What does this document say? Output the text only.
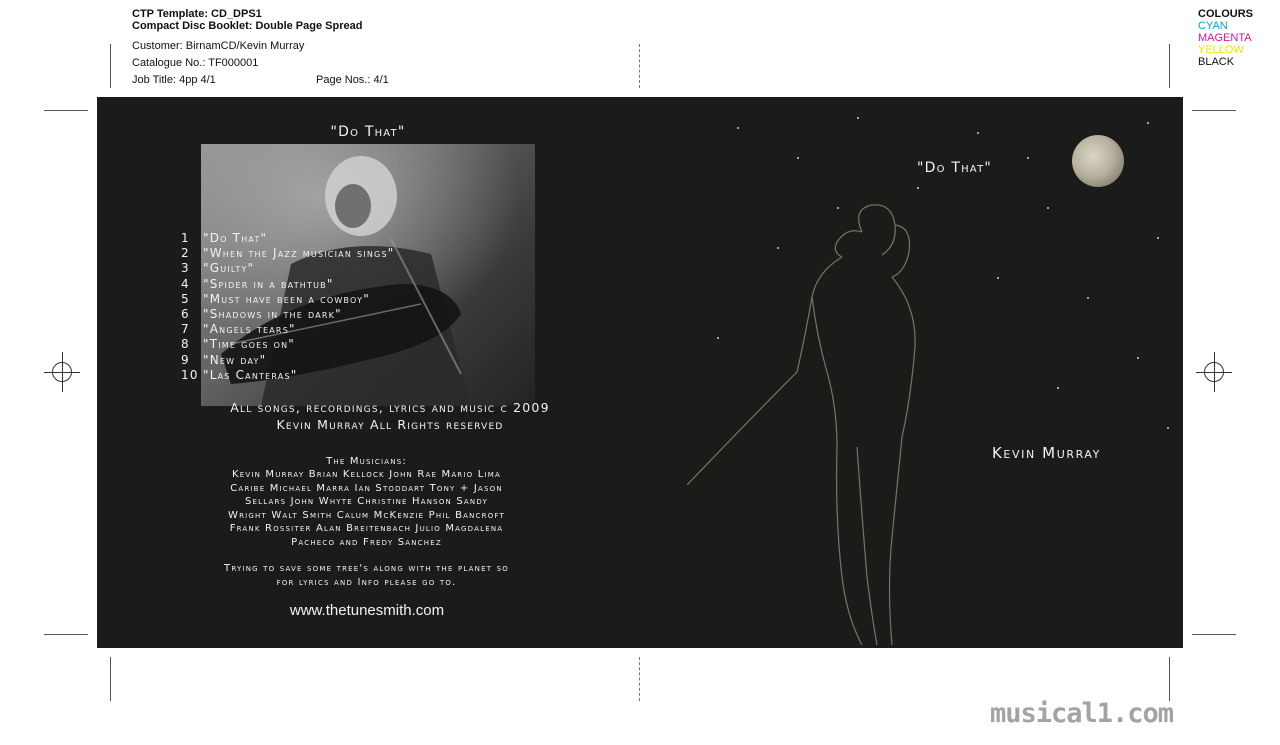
CTP Template: CD_DPS1
Compact Disc Booklet: Double Page Spread
Customer: BirnamCD/Kevin Murray
Catalogue No.: TF000001
Job Title: 4pp 4/1	Page Nos.: 4/1
COLOURS
CYAN
MAGENTA
YELLOW
BLACK
"Do That"
1 "Do That"
2 "When the Jazz musician sings"
3 "Guilty"
4 "Spider in a bathtub"
5 "Must have been a cowboy"
6 "Shadows in the dark"
7 "Angels tears"
8 "Time goes on"
9 "New day"
10 "Las Canteras"
All songs, recordings, lyrics and music c 2009
Kevin Murray All Rights reserved
The Musicians:
Kevin Murray Brian Kellock John Rae Mario Lima
Caribe Michael Marra Ian Stoddart Tony + Jason
Sellars John Whyte Christine Hanson Sandy
Wright Walt Smith Calum McKenzie Phil Bancroft
Frank Rossiter Alan Breitenbach Julio Magdalena
Pacheco and Fredy Sanchez
Trying to save some tree's along with the planet so
for lyrics and Info please go to.
www.thetunesmith.com
"Do That"
Kevin Murray
musical1.com
